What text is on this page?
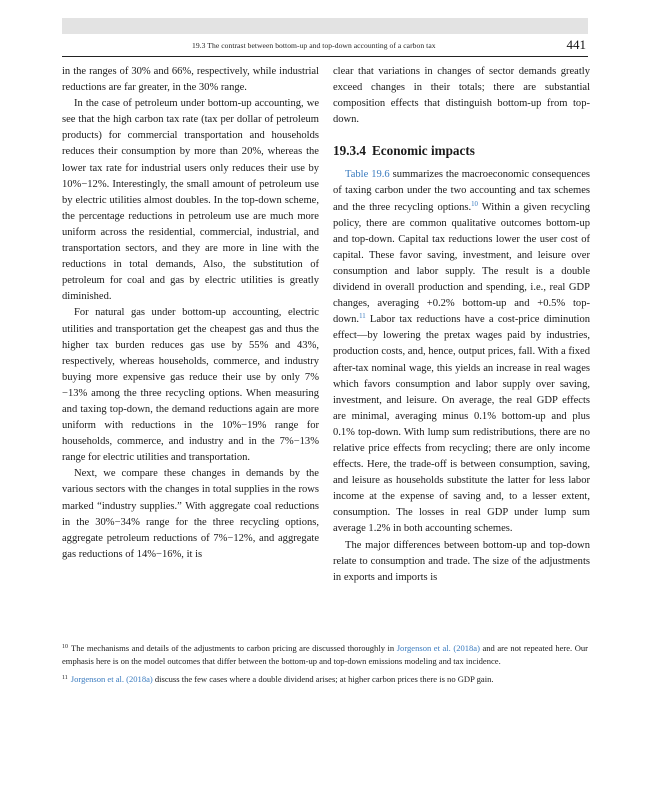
19.3 The contrast between bottom-up and top-down accounting of a carbon tax	441

in the ranges of 30% and 66%, respectively, while industrial reductions are far greater, in the 30% range.

In the case of petroleum under bottom-up accounting, we see that the high carbon tax rate (tax per dollar of petroleum products) for commercial transportation and households reduces their consumption by more than 20%, whereas the lower tax rate for industrial users only reduces their use by 10%−12%. Interestingly, the small amount of petroleum use by electric utilities almost doubles. In the top-down scheme, the percentage reductions in petroleum use are much more uniform across the residential, commercial, industrial, and transportation sectors, and they are more in line with the reductions in total demands, Also, the substitution of petroleum for coal and gas by electric utilities is greatly diminished.

For natural gas under bottom-up accounting, electric utilities and transportation get the cheapest gas and thus the higher tax burden reduces gas use by 55% and 43%, respectively, whereas households, commerce, and industry buying more expensive gas reduce their use by only 7% −13% among the three recycling options. When measuring and taxing top-down, the demand reductions again are more uniform with reductions in the 10%−19% range for households, commerce, and industry and in the 7%−13% range for electric utilities and transportation.

Next, we compare these changes in demands by the various sectors with the changes in total supplies in the rows marked “industry supplies.” With aggregate coal reductions in the 30%−34% range for the three recycling options, aggregate petroleum reductions of 7%−12%, and aggregate gas reductions of 14%−16%, it is

clear that variations in changes of sector demands greatly exceed changes in their totals; there are substantial composition effects that distinguish bottom-up from top-down.

19.3.4 Economic impacts

Table 19.6 summarizes the macroeconomic consequences of taxing carbon under the two accounting and tax schemes and the three recycling options.$^{10}$ Within a given recycling policy, there are common qualitative outcomes bottom-up and top-down. Capital tax reductions lower the user cost of capital. These favor saving, investment, and leisure over consumption and labor supply. The result is a double dividend in overall production and spending, i.e., real GDP changes, averaging +0.2% bottom-up and +0.5% top-down.$^{11}$ Labor tax reductions have a cost-price diminution effect—by lowering the pretax wages paid by industries, production costs, and, hence, output prices, fall. With a fixed after-tax nominal wage, this yields an increase in real wages which favors consumption and labor supply over saving, investment, and leisure. On average, the real GDP effects are minimal, averaging minus 0.1% bottom-up and plus 0.1% top-down. With lump sum redistributions, there are no relative price effects from recycling; there are only income effects. Here, the trade-off is between consumption, saving, and leisure as households substitute the latter for less labor income at the expense of saving and, to a lesser extent, consumption. The losses in real GDP under lump sum average 1.2% in both accounting schemes.

The major differences between bottom-up and top-down relate to consumption and trade. The size of the adjustments in exports and imports is

$^{10}$ The mechanisms and details of the adjustments to carbon pricing are discussed thoroughly in Jorgenson et al. (2018a) and are not repeated here. Our emphasis here is on the model outcomes that differ between the bottom-up and top-down emissions modeling and tax incidence.

$^{11}$ Jorgenson et al. (2018a) discuss the few cases where a double dividend arises; at higher carbon prices there is no GDP gain.
